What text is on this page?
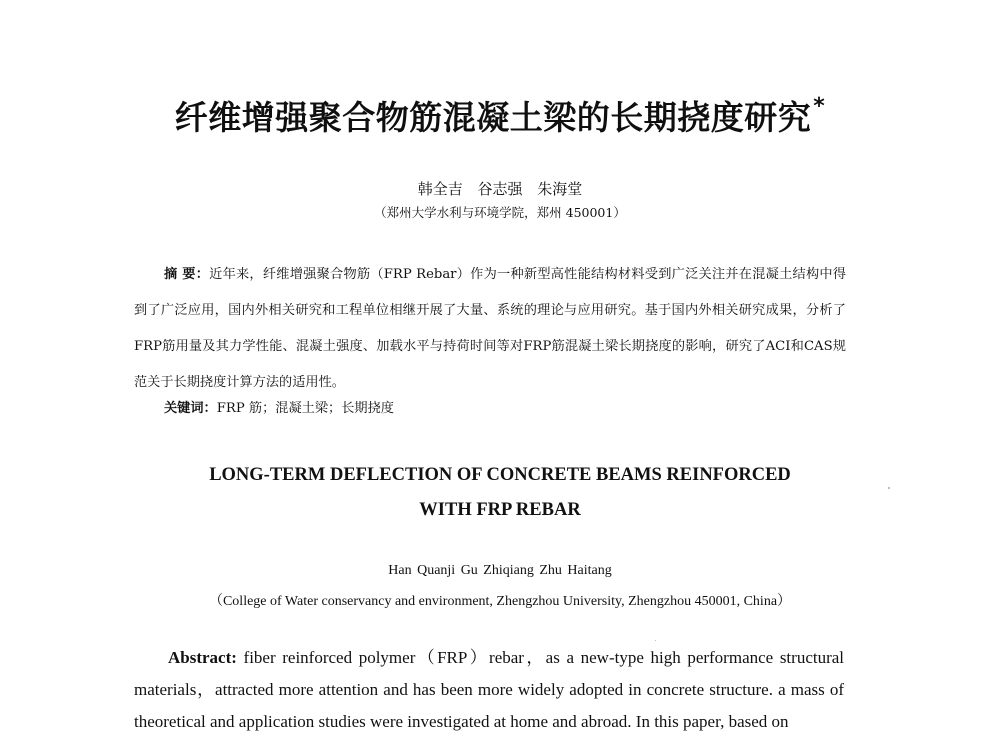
纤维增强聚合物筋混凝土梁的长期挠度研究*
韩全吉 谷志强 朱海堂
（郑州大学水利与环境学院，郑州 450001）
摘 要：近年来，纤维增强聚合物筋（FRP Rebar）作为一种新型高性能结构材料受到广泛关注并在混凝土结构中得到了广泛应用，国内外相关研究和工程单位相继开展了大量、系统的理论与应用研究。基于国内外相关研究成果，分析了FRP筋用量及其力学性能、混凝土强度、加载水平与持荷时间等对FRP筋混凝土梁长期挠度的影响，研究了ACI和CAS规范关于长期挠度计算方法的适用性。
关键词：FRP 筋；混凝土梁；长期挠度
LONG-TERM DEFLECTION OF CONCRETE BEAMS REINFORCED
WITH FRP REBAR
Han Quanji Gu Zhiqiang Zhu Haitang
（College of Water conservancy and environment, Zhengzhou University, Zhengzhou 450001, China）
Abstract: fiber reinforced polymer（FRP）rebar，as a new-type high performance structural materials，attracted more attention and has been more widely adopted in concrete structure. a mass of theoretical and application studies were investigated at home and abroad. In this paper, based on
